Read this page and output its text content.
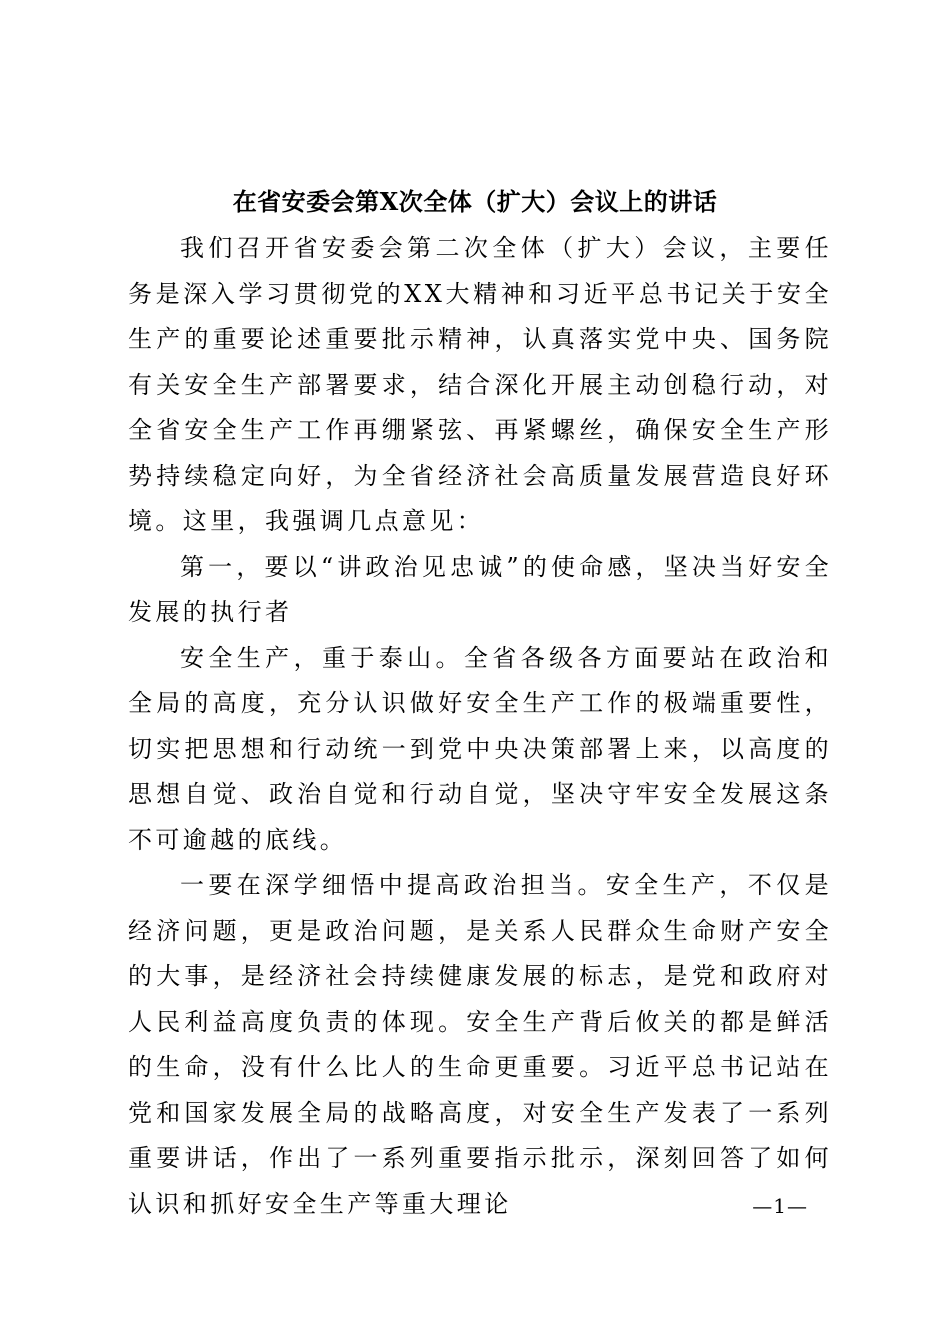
在省安委会第Ⅹ次全体（扩大）会议上的讲话

我们召开省安委会第二次全体（扩大）会议，主要任务是深入学习贯彻党的XX大精神和习近平总书记关于安全生产的重要论述重要批示精神，认真落实党中央、国务院有关安全生产部署要求，结合深化开展主动创稳行动，对全省安全生产工作再绷紧弦、再紧螺丝，确保安全生产形势持续稳定向好，为全省经济社会高质量发展营造良好环境。这里，我强调几点意见：

第一，要以“讲政治见忠诚”的使命感，坚决当好安全发展的执行者

安全生产，重于泰山。全省各级各方面要站在政治和全局的高度，充分认识做好安全生产工作的极端重要性，切实把思想和行动统一到党中央决策部署上来，以高度的思想自觉、政治自觉和行动自觉，坚决守牢安全发展这条不可逾越的底线。

一要在深学细悟中提高政治担当。安全生产，不仅是经济问题，更是政治问题，是关系人民群众生命财产安全的大事，是经济社会持续健康发展的标志，是党和政府对人民利益高度负责的体现。安全生产背后攸关的都是鲜活的生命，没有什么比人的生命更重要。习近平总书记站在党和国家发展全局的战略高度，对安全生产发表了一系列重要讲话，作出了一系列重要指示批示，深刻回答了如何认识和抓好安全生产等重大理论	—1—
